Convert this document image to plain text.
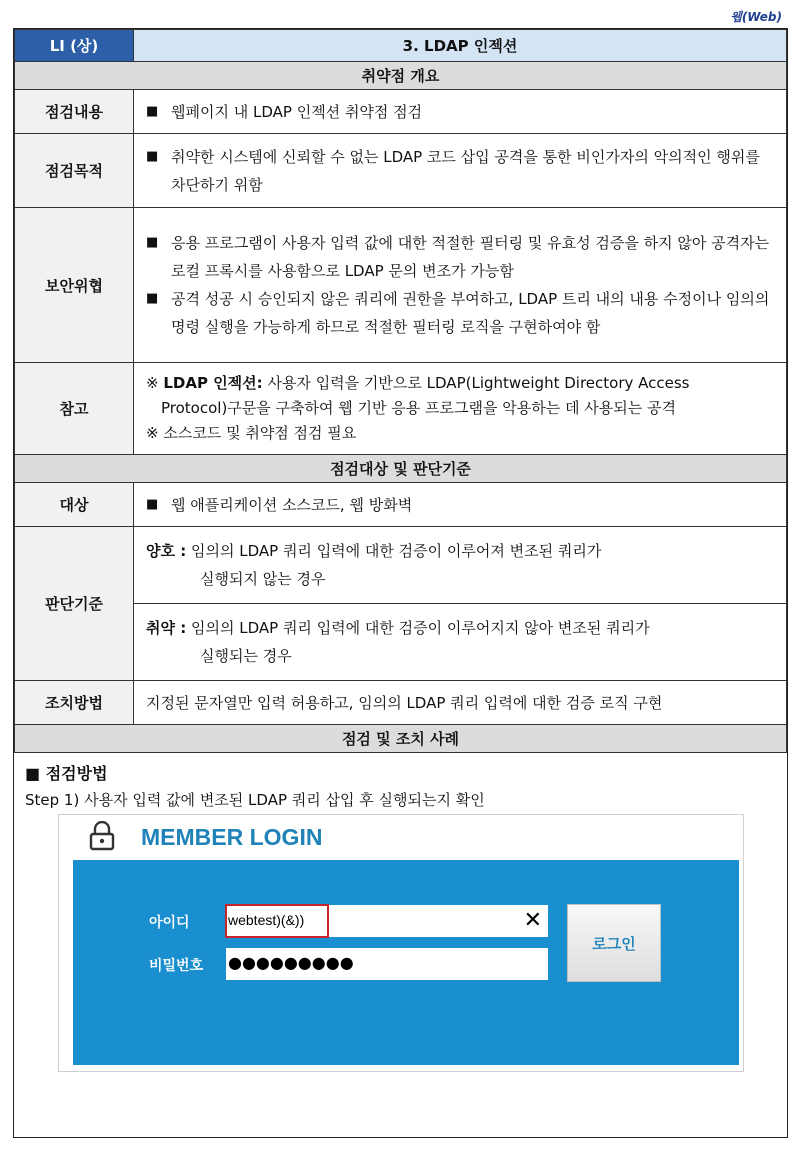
웹(Web)
LI (상)	3. LDAP 인젝션
취약점 개요	
점검내용	■ 웹페이지 내 LDAP 인젝션 취약점 점검

점검목적	■ 취약한 시스템에 신뢰할 수 없는 LDAP 코드 삽입 공격을 통한 비인가자의 악의적인 행위를 차단하기 위함

보안위협	■ 응용 프로그램이 사용자 입력 값에 대한 적절한 필터링 및 유효성 검증을 하지 않아 공격자는 로컬 프록시를 사용함으로 LDAP 문의 변조가 가능함
■ 공격 성공 시 승인되지 않은 쿼리에 권한을 부여하고, LDAP 트리 내의 내용 수정이나 임의의 명령 실행을 가능하게 하므로 적절한 필터링 로직을 구현하여야 함

참고	※ LDAP 인젝션: 사용자 입력을 기반으로 LDAP(Lightweight Directory Access
Protocol)구문을 구축하여 웹 기반 응용 프로그램을 악용하는 데 사용되는 공격
※ 소스코드 및 취약점 점검 필요

점검대상 및 판단기준	
대상	■ 웹 애플리케이션 소스코드, 웹 방화벽

판단기준	양호 : 임의의 LDAP 쿼리 입력에 대한 검증이 이루어져 변조된 쿼리가
실행되지 않는 경우
취약 : 임의의 LDAP 쿼리 입력에 대한 검증이 이루어지지 않아 변조된 쿼리가
실행되는 경우

조치방법	지정된 문자열만 입력 허용하고, 임의의 LDAP 쿼리 입력에 대한 검증 로직 구현
점검 및 조치 사례	
■ 점검방법
Step 1) 사용자 입력 값에 변조된 LDAP 쿼리 삽입 후 실행되는지 확인
MEMBER LOGIN
아이디	webtest)(&))	✕
비밀번호 ●●●●●●●●●
로그인
